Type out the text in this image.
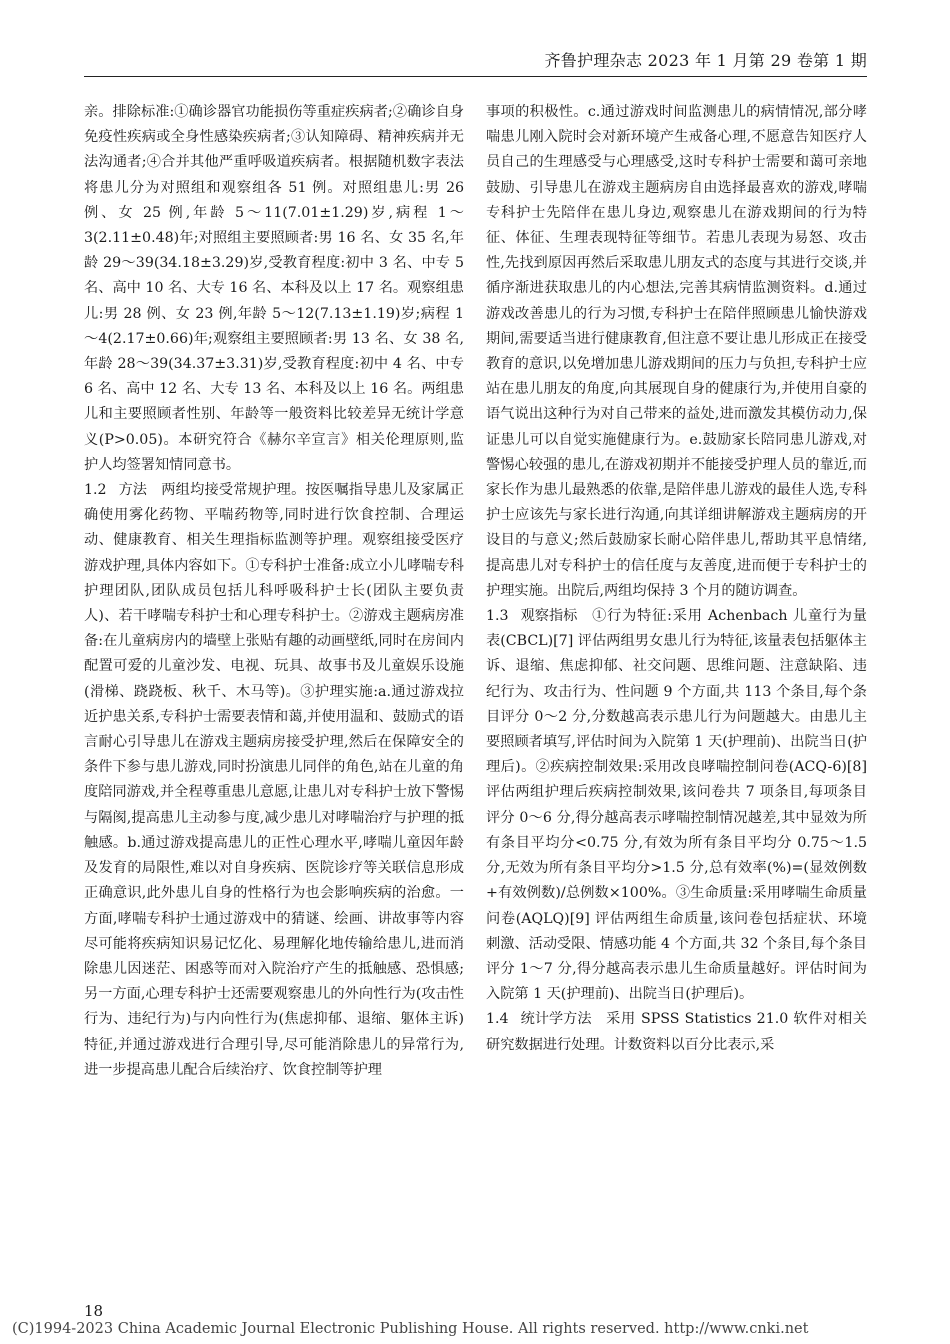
齐鲁护理杂志 2023 年 1 月第 29 卷第 1 期

亲。排除标准:①确诊器官功能损伤等重症疾病者;②确诊自身免疫性疾病或全身性感染疾病者;③认知障碍、精神疾病并无法沟通者;④合并其他严重呼吸道疾病者。根据随机数字表法将患儿分为对照组和观察组各 51 例。对照组患儿:男 26 例、女 25 例,年龄 5～11(7.01±1.29)岁,病程 1～3(2.11±0.48)年;对照组主要照顾者:男 16 名、女 35 名,年龄 29～39(34.18±3.29)岁,受教育程度:初中 3 名、中专 5 名、高中 10 名、大专 16 名、本科及以上 17 名。观察组患儿:男 28 例、女 23 例,年龄 5～12(7.13±1.19)岁;病程 1～4(2.17±0.66)年;观察组主要照顾者:男 13 名、女 38 名,年龄 28～39(34.37±3.31)岁,受教育程度:初中 4 名、中专 6 名、高中 12 名、大专 13 名、本科及以上 16 名。两组患儿和主要照顾者性别、年龄等一般资料比较差异无统计学意义(P>0.05)。本研究符合《赫尔辛宣言》相关伦理原则,监护人均签署知情同意书。

1.2 方法 两组均接受常规护理。按医嘱指导患儿及家属正确使用雾化药物、平喘药物等,同时进行饮食控制、合理运动、健康教育、相关生理指标监测等护理。观察组接受医疗游戏护理,具体内容如下。①专科护士准备:成立小儿哮喘专科护理团队,团队成员包括儿科呼吸科护士长(团队主要负责人)、若干哮喘专科护士和心理专科护士。②游戏主题病房准备:在儿童病房内的墙壁上张贴有趣的动画壁纸,同时在房间内配置可爱的儿童沙发、电视、玩具、故事书及儿童娱乐设施(滑梯、跷跷板、秋千、木马等)。③护理实施:a.通过游戏拉近护患关系,专科护士需要表情和蔼,并使用温和、鼓励式的语言耐心引导患儿在游戏主题病房接受护理,然后在保障安全的条件下参与患儿游戏,同时扮演患儿同伴的角色,站在儿童的角度陪同游戏,并全程尊重患儿意愿,让患儿对专科护士放下警惕与隔阂,提高患儿主动参与度,减少患儿对哮喘治疗与护理的抵触感。b.通过游戏提高患儿的正性心理水平,哮喘儿童因年龄及发育的局限性,难以对自身疾病、医院诊疗等关联信息形成正确意识,此外患儿自身的性格行为也会影响疾病的治愈。一方面,哮喘专科护士通过游戏中的猜谜、绘画、讲故事等内容尽可能将疾病知识易记忆化、易理解化地传输给患儿,进而消除患儿因迷茫、困惑等而对入院治疗产生的抵触感、恐惧感;另一方面,心理专科护士还需要观察患儿的外向性行为(攻击性行为、违纪行为)与内向性行为(焦虑抑郁、退缩、躯体主诉)特征,并通过游戏进行合理引导,尽可能消除患儿的异常行为,进一步提高患儿配合后续治疗、饮食控制等护理

事项的积极性。c.通过游戏时间监测患儿的病情情况,部分哮喘患儿刚入院时会对新环境产生戒备心理,不愿意告知医疗人员自己的生理感受与心理感受,这时专科护士需要和蔼可亲地鼓励、引导患儿在游戏主题病房自由选择最喜欢的游戏,哮喘专科护士先陪伴在患儿身边,观察患儿在游戏期间的行为特征、体征、生理表现特征等细节。若患儿表现为易怒、攻击性,先找到原因再然后采取患儿朋友式的态度与其进行交谈,并循序渐进获取患儿的内心想法,完善其病情监测资料。d.通过游戏改善患儿的行为习惯,专科护士在陪伴照顾患儿愉快游戏期间,需要适当进行健康教育,但注意不要让患儿形成正在接受教育的意识,以免增加患儿游戏期间的压力与负担,专科护士应站在患儿朋友的角度,向其展现自身的健康行为,并使用自豪的语气说出这种行为对自己带来的益处,进而激发其模仿动力,保证患儿可以自觉实施健康行为。e.鼓励家长陪同患儿游戏,对警惕心较强的患儿,在游戏初期并不能接受护理人员的靠近,而家长作为患儿最熟悉的依靠,是陪伴患儿游戏的最佳人选,专科护士应该先与家长进行沟通,向其详细讲解游戏主题病房的开设目的与意义;然后鼓励家长耐心陪伴患儿,帮助其平息情绪,提高患儿对专科护士的信任度与友善度,进而便于专科护士的护理实施。出院后,两组均保持 3 个月的随访调查。

1.3 观察指标 ①行为特征:采用 Achenbach 儿童行为量表(CBCL)[7] 评估两组男女患儿行为特征,该量表包括躯体主诉、退缩、焦虑抑郁、社交问题、思维问题、注意缺陷、违纪行为、攻击行为、性问题 9 个方面,共 113 个条目,每个条目评分 0～2 分,分数越高表示患儿行为问题越大。由患儿主要照顾者填写,评估时间为入院第 1 天(护理前)、出院当日(护理后)。②疾病控制效果:采用改良哮喘控制问卷(ACQ-6)[8] 评估两组护理后疾病控制效果,该问卷共 7 项条目,每项条目评分 0～6 分,得分越高表示哮喘控制情况越差,其中显效为所有条目平均分<0.75 分,有效为所有条目平均分 0.75～1.5 分,无效为所有条目平均分>1.5 分,总有效率(%)=(显效例数+有效例数)/总例数×100%。③生命质量:采用哮喘生命质量问卷(AQLQ)[9] 评估两组生命质量,该问卷包括症状、环境刺激、活动受限、情感功能 4 个方面,共 32 个条目,每个条目评分 1～7 分,得分越高表示患儿生命质量越好。评估时间为入院第 1 天(护理前)、出院当日(护理后)。

1.4 统计学方法 采用 SPSS Statistics 21.0 软件对相关研究数据进行处理。计数资料以百分比表示,采

18
(C)1994-2023 China Academic Journal Electronic Publishing House. All rights reserved. http://www.cnki.net
